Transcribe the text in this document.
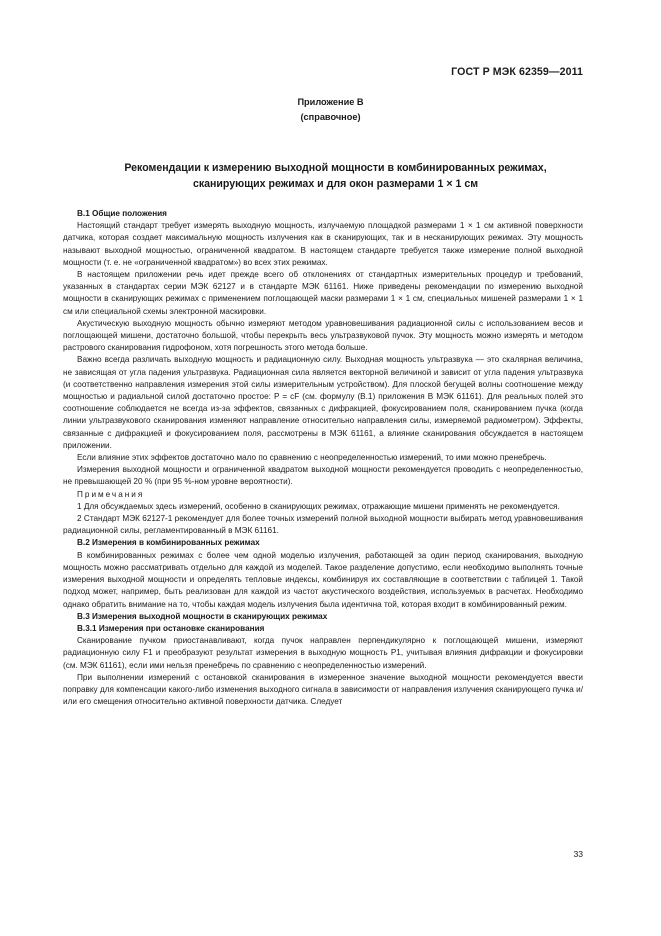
ГОСТ Р МЭК 62359—2011
Приложение В
(справочное)
Рекомендации к измерению выходной мощности в комбинированных режимах,
сканирующих режимах и для окон размерами 1 × 1 см
В.1 Общие положения

Настоящий стандарт требует измерять выходную мощность, излучаемую площадкой размерами 1 × 1 см активной поверхности датчика, которая создает максимальную мощность излучения как в сканирующих, так и в несканирующих режимах. Эту мощность называют выходной мощностью, ограниченной квадратом. В настоящем стандарте требуется также измерение полной выходной мощности (т. е. не «ограниченной квадратом») во всех этих режимах.

В настоящем приложении речь идет прежде всего об отклонениях от стандартных измерительных процедур и требований, указанных в стандартах серии МЭК 62127 и в стандарте МЭК 61161. Ниже приведены рекомендации по измерению выходной мощности в сканирующих режимах с применением поглощающей маски размерами 1 × 1 см, специальных мишеней размерами 1 × 1 см или специальной схемы электронной маскировки.

Акустическую выходную мощность обычно измеряют методом уравновешивания радиационной силы с использованием весов и поглощающей мишени, достаточно большой, чтобы перекрыть весь ультразвуковой пучок. Эту мощность можно измерять и методом растрового сканирования гидрофоном, хотя погрешность этого метода больше.

Важно всегда различать выходную мощность и радиационную силу. Выходная мощность ультразвука — это скалярная величина, не зависящая от угла падения ультразвука. Радиационная сила является векторной величиной и зависит от угла падения ультразвука (и соответственно направления измерения этой силы измерительным устройством). Для плоской бегущей волны соотношение между мощностью и радиальной силой достаточно простое: P = cF (см. формулу (В.1) приложения В МЭК 61161). Для реальных полей это соотношение соблюдается не всегда из-за эффектов, связанных с дифракцией, фокусированием поля, сканированием пучка (когда линии ультразвукового сканирования изменяют направление относительно направления силы, измеряемой радиометром). Эффекты, связанные с дифракцией и фокусированием поля, рассмотрены в МЭК 61161, а влияние сканирования обсуждается в настоящем приложении.

Если влияние этих эффектов достаточно мало по сравнению с неопределенностью измерений, то ими можно пренебречь.

Измерения выходной мощности и ограниченной квадратом выходной мощности рекомендуется проводить с неопределенностью, не превышающей 20 % (при 95 %-ном уровне вероятности).

Примечания

1 Для обсуждаемых здесь измерений, особенно в сканирующих режимах, отражающие мишени применять не рекомендуется.

2 Стандарт МЭК 62127-1 рекомендует для более точных измерений полной выходной мощности выбирать метод уравновешивания радиационной силы, регламентированный в МЭК 61161.

В.2 Измерения в комбинированных режимах

В комбинированных режимах с более чем одной моделью излучения, работающей за один период сканирования, выходную мощность можно рассматривать отдельно для каждой из моделей. Такое разделение допустимо, если необходимо выполнять точные измерения выходной мощности и определять тепловые индексы, комбинируя их составляющие в соответствии с таблицей 1. Такой подход может, например, быть реализован для каждой из частот акустического воздействия, используемых в расчетах. Необходимо однако обратить внимание на то, чтобы каждая модель излучения была идентична той, которая входит в комбинированный режим.

В.3 Измерения выходной мощности в сканирующих режимах
В.3.1 Измерения при остановке сканирования

Сканирование пучком приостанавливают, когда пучок направлен перпендикулярно к поглощающей мишени, измеряют радиационную силу F1 и преобразуют результат измерения в выходную мощность P1, учитывая влияния дифракции и фокусировки (см. МЭК 61161), если ими нельзя пренебречь по сравнению с неопределенностью измерений.

При выполнении измерений с остановкой сканирования в измеренное значение выходной мощности рекомендуется ввести поправку для компенсации какого-либо изменения выходного сигнала в зависимости от направления излучения сканирующего пучка и/или его смещения относительно активной поверхности датчика. Следует

33
